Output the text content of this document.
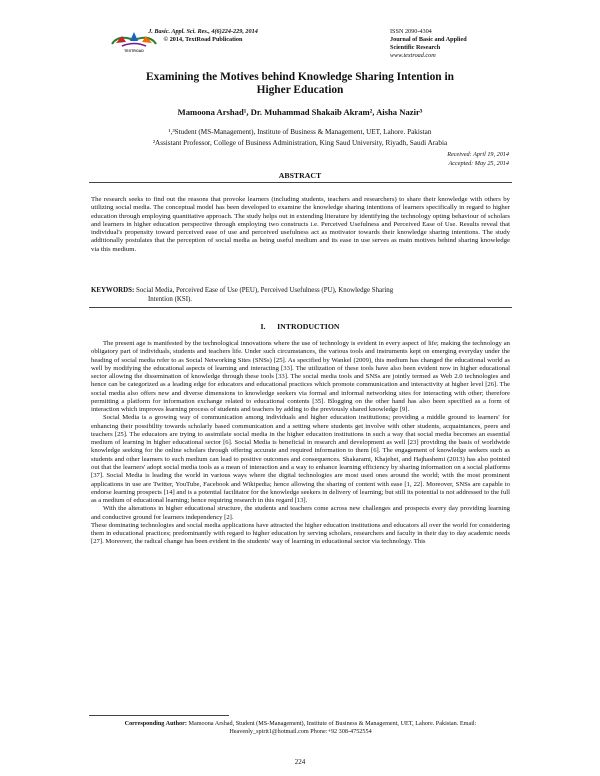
TEXTROAD
J. Basic. Appl. Sci. Res., 4(6)224-229, 2014
© 2014, TextRoad Publication
ISSN 2090-4304
Journal of Basic and Applied
Scientific Research
www.textroad.com
Examining the Motives behind Knowledge Sharing Intention in
Higher Education
Mamoona Arshad¹, Dr. Muhammad Shakaib Akram², Aisha Nazir³
¹,³Student (MS-Management), Institute of Business & Management, UET, Lahore. Pakistan
²Assistant Professor, College of Business Administration, King Saud University, Riyadh, Saudi Arabia
Received: April 19, 2014
Accepted: May 25, 2014
ABSTRACT
The research seeks to find out the reasons that provoke learners (including students, teachers and researchers) to share their knowledge with others by utilizing social media. The conceptual model has been developed to examine the knowledge sharing intentions of learners specifically in regard to higher education through employing quantitative approach. The study helps out in extending literature by identifying the technology opting behaviour of scholars and learners in higher education perspective through employing two constructs i.e. Perceived Usefulness and Perceived Ease of Use. Results reveal that individual's propensity toward perceived ease of use and perceived usefulness act as motivator towards their knowledge sharing intentions. The study additionally postulates that the perception of social media as being useful medium and its ease in use serves as main motives behind sharing knowledge via this medium.
KEYWORDS: Social Media, Perceived Ease of Use (PEU), Perceived Usefulness (PU), Knowledge Sharing
Intention (KSI).
I.      INTRODUCTION

The present age is manifested by the technological innovations where the use of technology is evident in every aspect of life; making the technology an obligatory part of individuals, students and teachers life. Under such circumstances, the various tools and instruments kept on emerging everyday under the heading of social media refer to as Social Networking Sites (SNSs) [25]. As specified by Wankel (2009), this medium has changed the educational world as well by modifying the educational aspects of learning and interacting [33]. The utilization of these tools have also been evident now in higher educational sector allowing the dissemination of knowledge through these tools [33]. The social media tools and SNSs are jointly termed as Web 2.0 technologies and hence can be categorized as a leading edge for educators and educational practices which promote communication and interactivity at higher level [26]. The social media also offers new and diverse dimensions to knowledge seekers via formal and informal networking sites for interacting with other; therefore permitting a platform for information exchange related to educational contents [35]. Blogging on the other hand has also been specified as a form of interaction which improves learning process of students and teachers by adding to the previously shared knowledge [9].

Social Media is a growing way of communication among individuals and higher education institutions; providing a middle ground to learners' for enhancing their possibility towards scholarly based communication and a setting where students get involve with other students, acquaintances, peers and teachers [25]. The educators are trying to assimilate social media in the higher education institutions in such a way that social media becomes an essential medium of learning in higher educational sector [6]. Social Media is beneficial in research and development as well [23] providing the basis of worldwide knowledge seeking for the online scholars through offering accurate and required information to them [6]. The engagement of knowledge seekers such as students and other learners to such medium can lead to positive outcomes and consequences. Shakarami, Khajehei, and Hajhashemi (2013) has also pointed out that the learners' adopt social media tools as a mean of interaction and a way to enhance learning efficiency by sharing information on a social platforms [37]. Social Media is leading the world in various ways where the digital technologies are most used ones around the world; with the most prominent applications in use are Twitter, YouTube, Facebook and Wikipedia; hence allowing the sharing of content with ease [1, 22]. Moreover, SNSs are capable to endorse learning prospects [14] and is a potential facilitator for the knowledge seekers in delivery of learning; but still its potential is not addressed to the full as a medium of educational learning; hence requiring research in this regard [13].

With the alterations in higher educational structure, the students and teachers come across new challenges and prospects every day providing learning and conductive ground for learners independency [2].

These dominating technologies and social media applications have attracted the higher education institutions and educators all over the world for considering them in educational practices; predominantly with regard to higher education by serving scholars, researchers and faculty in their day to day academic needs [27]. Moreover, the radical change has been evident in the students' way of learning in educational sector via technology. This

Corresponding Author: Mamoona Arshad, Student (MS-Management), Institute of Business & Management, UET, Lahore. Pakistan. Email: Heavenly_spirit1@hotmail.com Phone:+92 308-4752554
224
